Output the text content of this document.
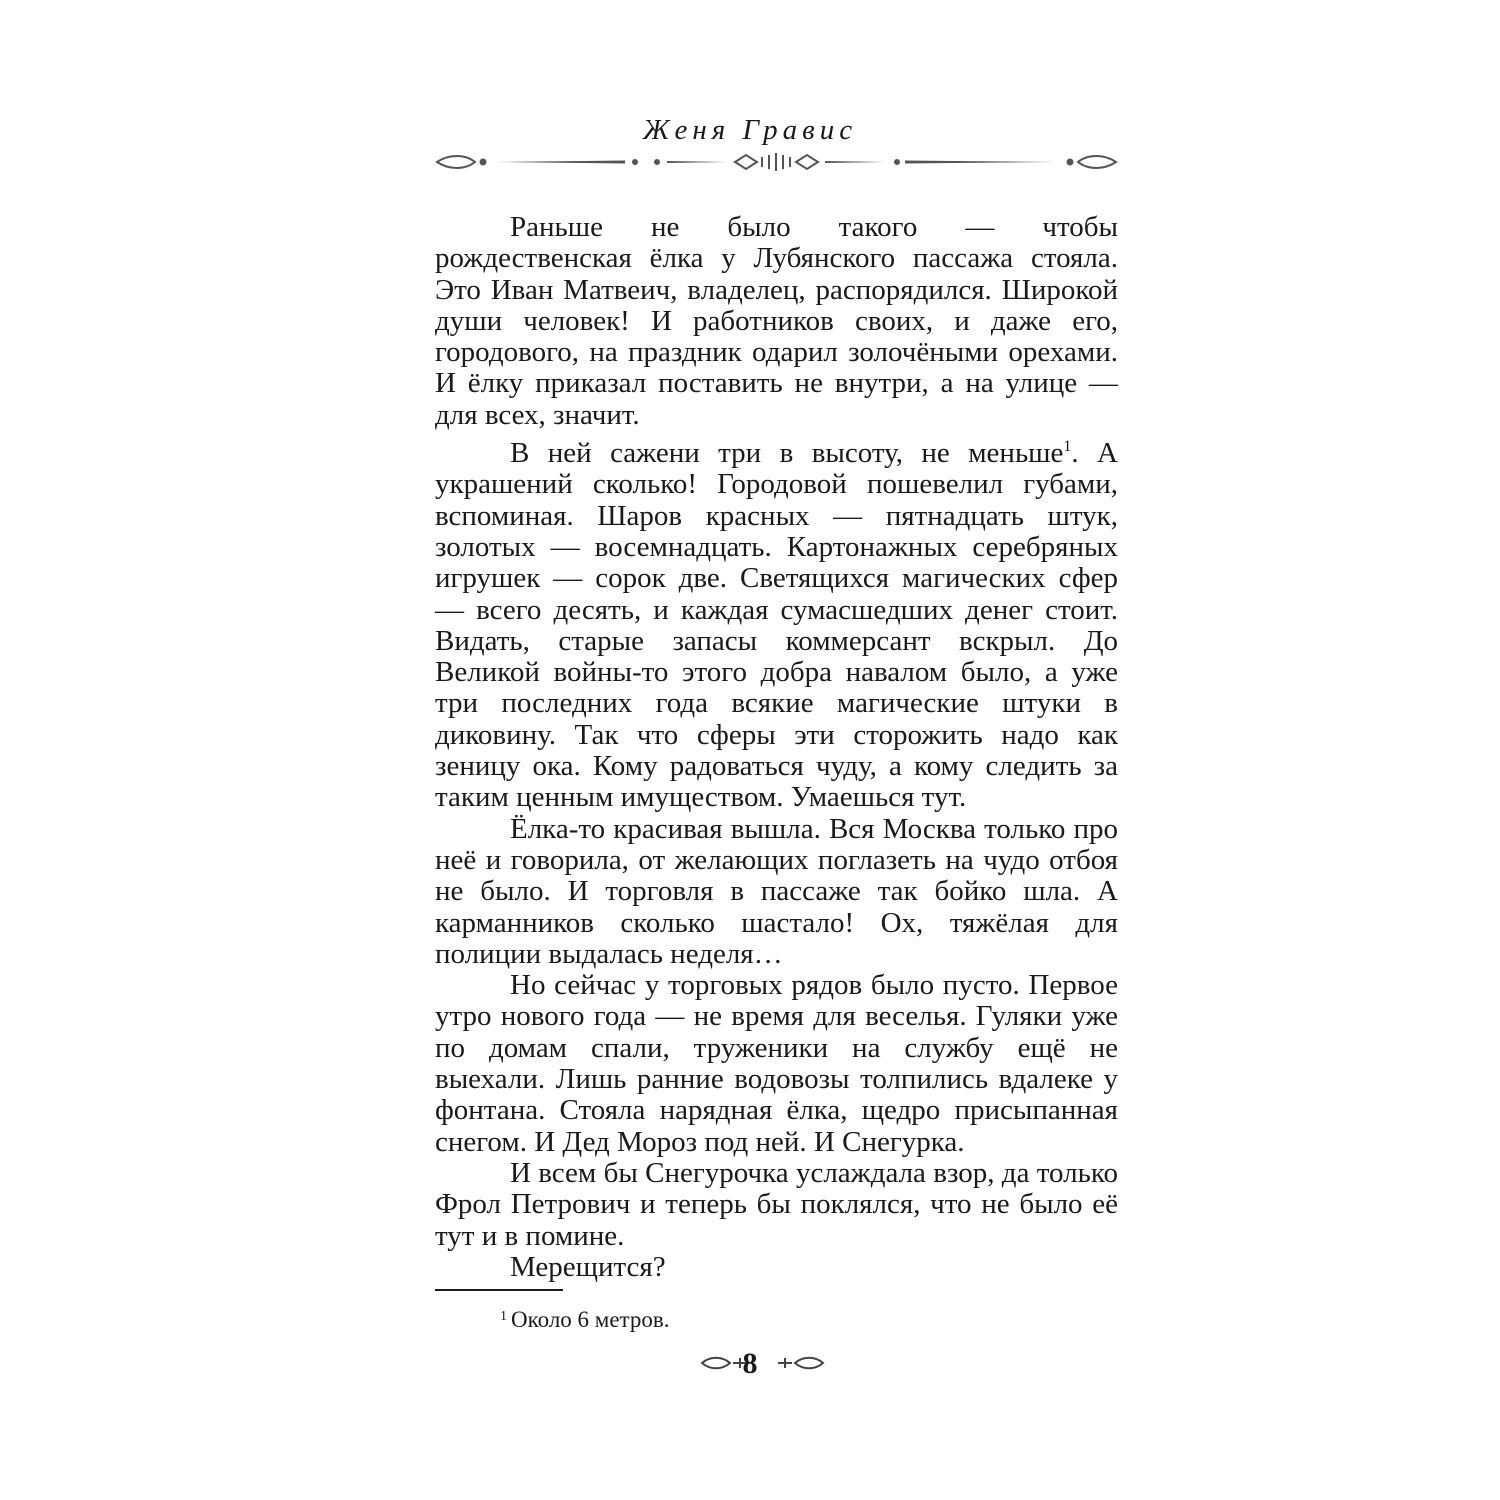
Женя Гравис

Раньше не было такого — чтобы рождественская ёлка у Лубянского пассажа стояла. Это Иван Матвеич, владелец, распорядился. Широкой души человек! И работников своих, и даже его, городового, на праздник одарил золочёными орехами. И ёлку приказал поставить не внутри, а на улице — для всех, значит.

В ней сажени три в высоту, не меньше$^1$. А украшений сколько! Городовой пошевелил губами, вспоминая. Шаров красных — пятнадцать штук, золотых — восемнадцать. Картонажных серебряных игрушек — сорок две. Светящихся магических сфер — всего десять, и каждая сумасшедших денег стоит. Видать, старые запасы коммерсант вскрыл. До Великой войны-то этого добра навалом было, а уже три последних года всякие магические штуки в диковину. Так что сферы эти сторожить надо как зеницу ока. Кому радоваться чуду, а кому следить за таким ценным имуществом. Умаешься тут.

Ёлка-то красивая вышла. Вся Москва только про неё и говорила, от желающих поглазеть на чудо отбоя не было. И торговля в пассаже так бойко шла. А карманников сколько шастало! Ох, тяжёлая для полиции выдалась неделя…

Но сейчас у торговых рядов было пусто. Первое утро нового года — не время для веселья. Гуляки уже по домам спали, труженики на службу ещё не выехали. Лишь ранние водовозы толпились вдалеке у фонтана. Стояла нарядная ёлка, щедро присыпанная снегом. И Дед Мороз под ней. И Снегурка.

И всем бы Снегурочка услаждала взор, да только Фрол Петрович и теперь бы поклялся, что не было её тут и в помине.

Мерещится?

$^1$ Около 6 метров.
8
